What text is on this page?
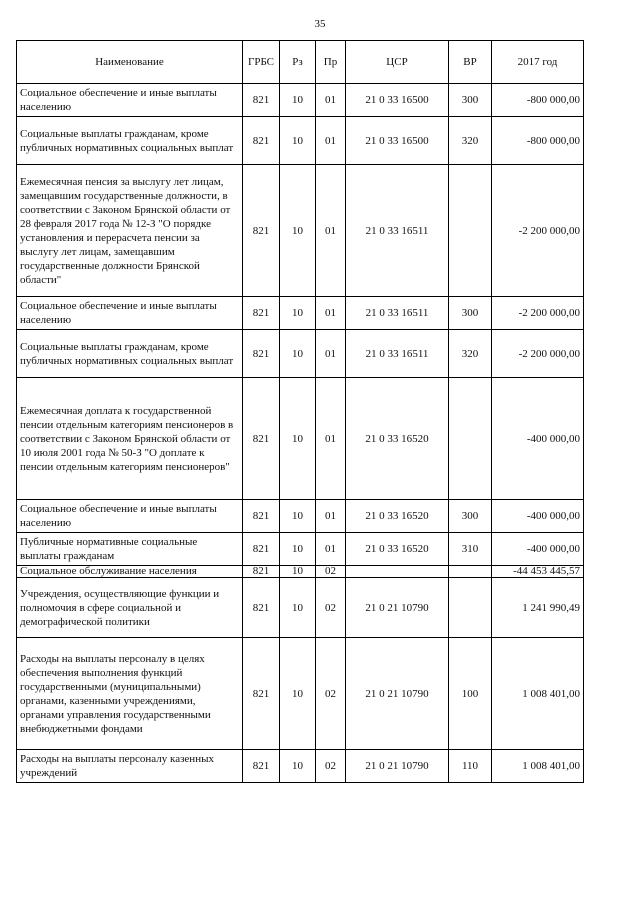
35
Наименование	ГРБС	Рз	Пр	ЦСР	ВР	2017 год
Социальное обеспечение и иные выплаты населению	821	10	01	21 0 33 16500	300	-800 000,00
Социальные выплаты гражданам, кроме публичных нормативных социальных выплат	821	10	01	21 0 33 16500	320	-800 000,00
Ежемесячная пенсия за выслугу лет лицам, замещавшим государственные должности, в соответствии с Законом Брянской области от 28 февраля 2017 года № 12-З "О порядке установления и перерасчета пенсии за выслугу лет лицам, замещавшим государственные должности Брянской области"	821	10	01	21 0 33 16511		-2 200 000,00
Социальное обеспечение и иные выплаты населению	821	10	01	21 0 33 16511	300	-2 200 000,00
Социальные выплаты гражданам, кроме публичных нормативных социальных выплат	821	10	01	21 0 33 16511	320	-2 200 000,00
Ежемесячная доплата к государственной пенсии отдельным категориям пенсионеров в соответствии с Законом Брянской области от 10 июля 2001 года № 50-З "О доплате к пенсии отдельным категориям пенсионеров"	821	10	01	21 0 33 16520		-400 000,00
Социальное обеспечение и иные выплаты населению	821	10	01	21 0 33 16520	300	-400 000,00
Публичные нормативные социальные выплаты гражданам	821	10	01	21 0 33 16520	310	-400 000,00
Социальное обслуживание населения	821	10	02			-44 453 445,57
Учреждения, осуществляющие функции и полномочия в сфере социальной и демографической политики	821	10	02	21 0 21 10790		1 241 990,49
Расходы на выплаты персоналу в целях обеспечения выполнения функций государственными (муниципальными) органами, казенными учреждениями, органами управления государственными внебюджетными фондами	821	10	02	21 0 21 10790	100	1 008 401,00
Расходы на выплаты персоналу казенных учреждений	821	10	02	21 0 21 10790	110	1 008 401,00
